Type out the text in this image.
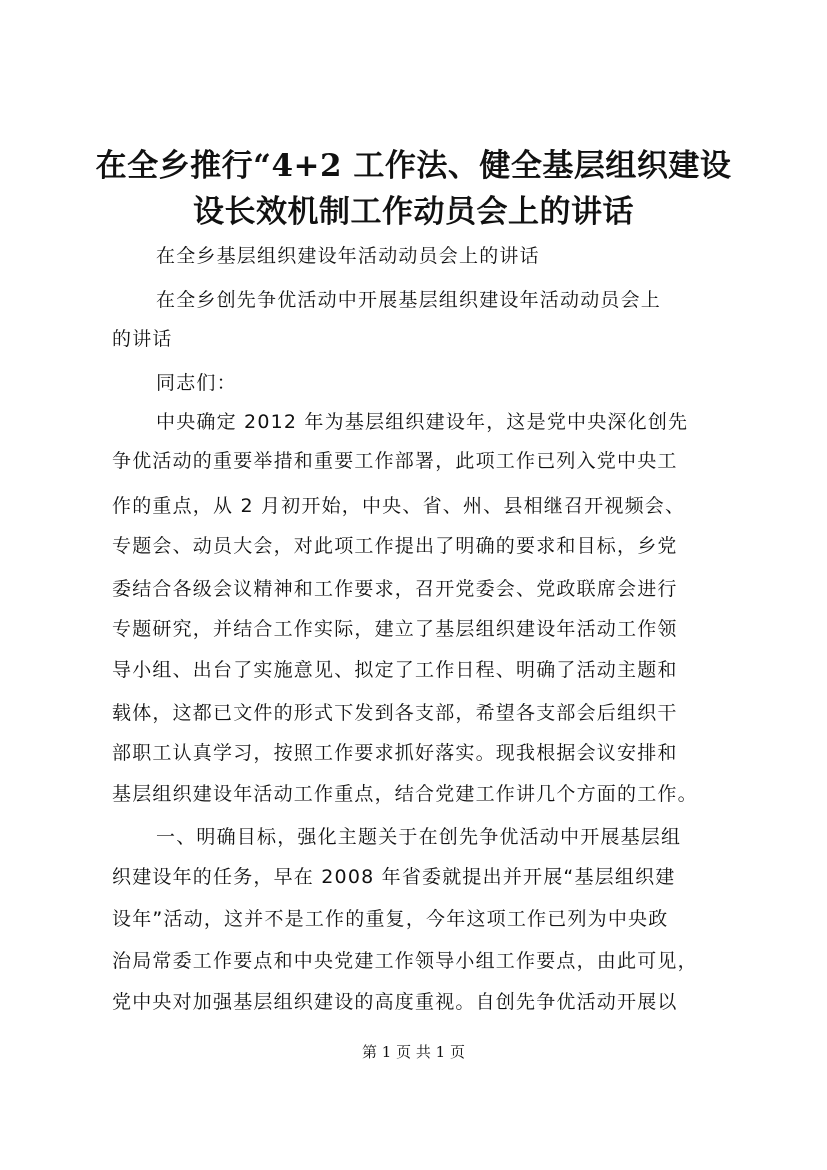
在全乡推行“4+2 工作法、健全基层组织建设
设长效机制工作动员会上的讲话
在全乡基层组织建设年活动动员会上的讲话
在全乡创先争优活动中开展基层组织建设年活动动员会上
的讲话
同志们：
中央确定 2012 年为基层组织建设年，这是党中央深化创先
争优活动的重要举措和重要工作部署，此项工作已列入党中央工
作的重点，从 2 月初开始，中央、省、州、县相继召开视频会、
专题会、动员大会，对此项工作提出了明确的要求和目标，乡党
委结合各级会议精神和工作要求，召开党委会、党政联席会进行
专题研究，并结合工作实际，建立了基层组织建设年活动工作领
导小组、出台了实施意见、拟定了工作日程、明确了活动主题和
载体，这都已文件的形式下发到各支部，希望各支部会后组织干
部职工认真学习，按照工作要求抓好落实。现我根据会议安排和
基层组织建设年活动工作重点，结合党建工作讲几个方面的工作。
一、明确目标，强化主题关于在创先争优活动中开展基层组
织建设年的任务，早在 2008 年省委就提出并开展“基层组织建
设年”活动，这并不是工作的重复，今年这项工作已列为中央政
治局常委工作要点和中央党建工作领导小组工作要点，由此可见，
党中央对加强基层组织建设的高度重视。自创先争优活动开展以
第 1 页 共 1 页
